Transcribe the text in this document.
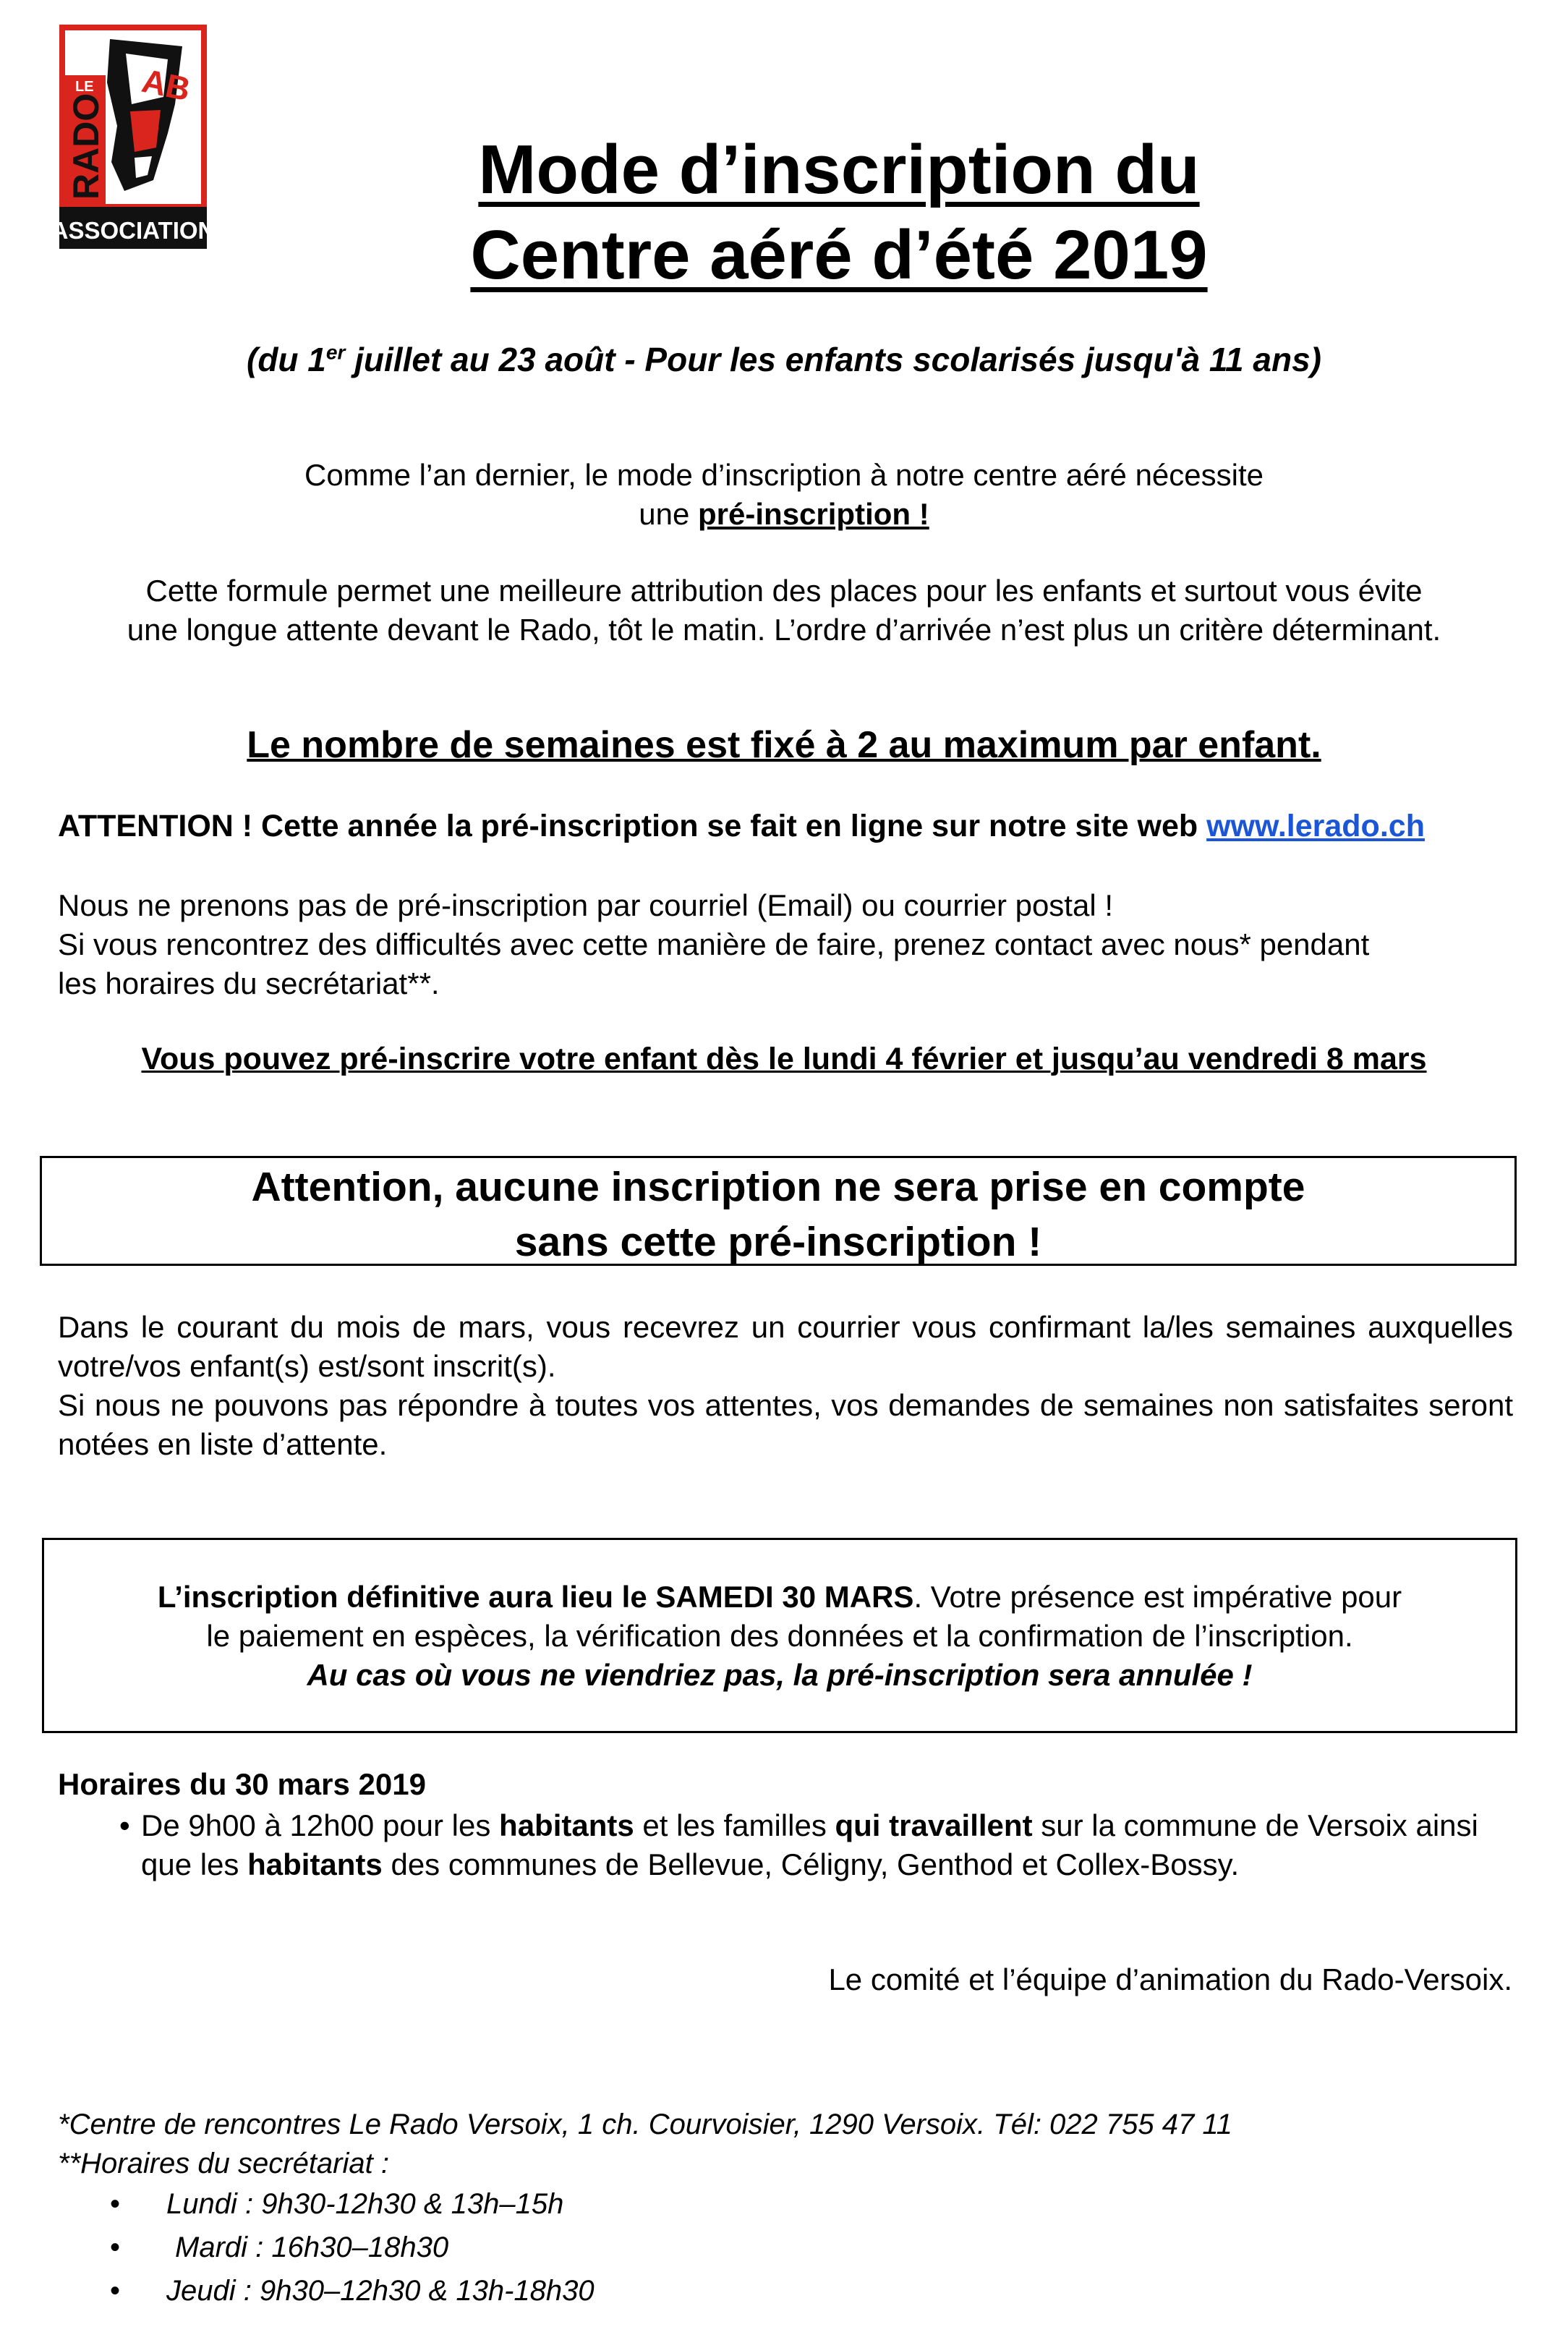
AB
LE
RADO
ASSOCIATION
Mode d’inscription du
Centre aéré d’été 2019
(du 1er juillet au 23 août - Pour les enfants scolarisés jusqu'à 11 ans)
Comme l’an dernier, le mode d’inscription à notre centre aéré nécessite
une pré-inscription !
Cette formule permet une meilleure attribution des places pour les enfants et surtout vous évite
une longue attente devant le Rado, tôt le matin. L’ordre d’arrivée n’est plus un critère déterminant.
Le nombre de semaines est fixé à 2 au maximum par enfant.
ATTENTION ! Cette année la pré-inscription se fait en ligne sur notre site web www.lerado.ch
Nous ne prenons pas de pré-inscription par courriel (Email) ou courrier postal !
Si vous rencontrez des difficultés avec cette manière de faire, prenez contact avec nous* pendant
les horaires du secrétariat**.
Vous pouvez pré-inscrire votre enfant dès le lundi 4 février et jusqu’au vendredi 8 mars
Attention, aucune inscription ne sera prise en compte
sans cette pré-inscription !
Dans le courant du mois de mars, vous recevrez un courrier vous confirmant la/les semaines auxquelles votre/vos enfant(s) est/sont inscrit(s).
Si nous ne pouvons pas répondre à toutes vos attentes, vos demandes de semaines non satisfaites seront notées en liste d’attente.
L’inscription définitive aura lieu le SAMEDI 30 MARS. Votre présence est impérative pour le paiement en espèces, la vérification des données et la confirmation de l’inscription.
Au cas où vous ne viendriez pas, la pré-inscription sera annulée !
Horaires du 30 mars 2019
• De 9h00 à 12h00 pour les habitants et les familles qui travaillent sur la commune de Versoix ainsi que les habitants des communes de Bellevue, Céligny, Genthod et Collex-Bossy.
Le comité et l’équipe d’animation du Rado-Versoix.
*Centre de rencontres Le Rado Versoix, 1 ch. Courvoisier, 1290 Versoix. Tél: 022 755 47 11
**Horaires du secrétariat :
• Lundi : 9h30-12h30 & 13h–15h
• Mardi : 16h30–18h30
• Jeudi : 9h30–12h30 & 13h-18h30
